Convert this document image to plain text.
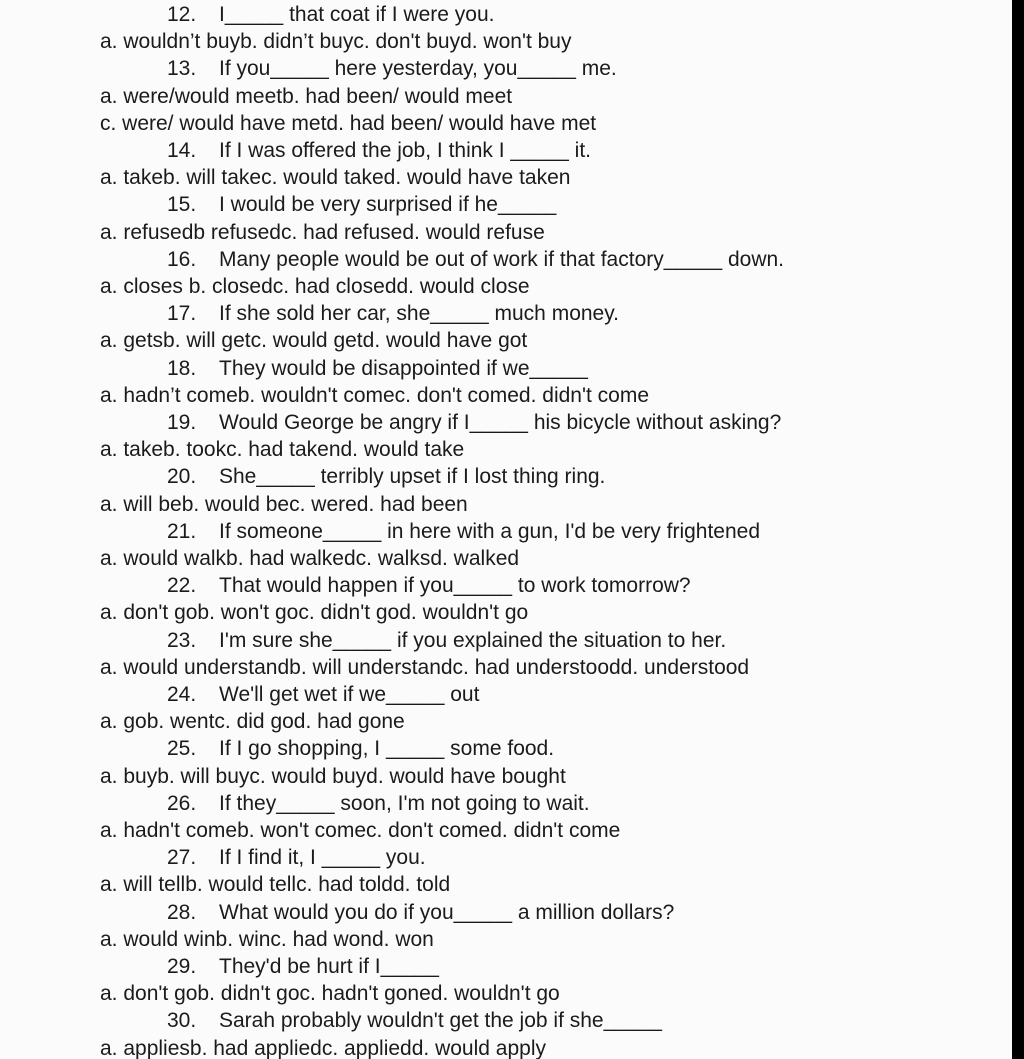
12. I_____ that coat if I were you.
a. wouldn’t buyb. didn’t buyc. don't buyd. won't buy
13. If you_____ here yesterday, you_____ me.
a. were/would meetb. had been/ would meet
c. were/ would have metd. had been/ would have met
14. If I was offered the job, I think I _____ it.
a. takeb. will takec. would taked. would have taken
15. I would be very surprised if he_____
a. refusedb refusedc. had refused. would refuse
16. Many people would be out of work if that factory_____ down.
a. closes b. closedc. had closedd. would close
17. If she sold her car, she_____ much money.
a. getsb. will getc. would getd. would have got
18. They would be disappointed if we_____
a. hadn’t comeb. wouldn't comec. don't comed. didn't come
19. Would George be angry if I_____ his bicycle without asking?
a. takeb. tookc. had takend. would take
20. She_____ terribly upset if I lost thing ring.
a. will beb. would bec. wered. had been
21. If someone_____ in here with a gun, I'd be very frightened
a. would walkb. had walkedc. walksd. walked
22. That would happen if you_____ to work tomorrow?
a. don't gob. won't goc. didn't god. wouldn't go
23. I'm sure she_____ if you explained the situation to her.
a. would understandb. will understandc. had understoodd. understood
24. We'll get wet if we_____ out
a. gob. wentc. did god. had gone
25. If I go shopping, I _____ some food.
a. buyb. will buyc. would buyd. would have bought
26. If they_____ soon, I'm not going to wait.
a. hadn't comeb. won't comec. don't comed. didn't come
27. If I find it, I _____ you.
a. will tellb. would tellc. had toldd. told
28. What would you do if you_____ a million dollars?
a. would winb. winc. had wond. won
29. They'd be hurt if I_____
a. don't gob. didn't goc. hadn't goned. wouldn't go
30. Sarah probably wouldn't get the job if she_____
a. appliesb. had appliedc. appliedd. would apply
